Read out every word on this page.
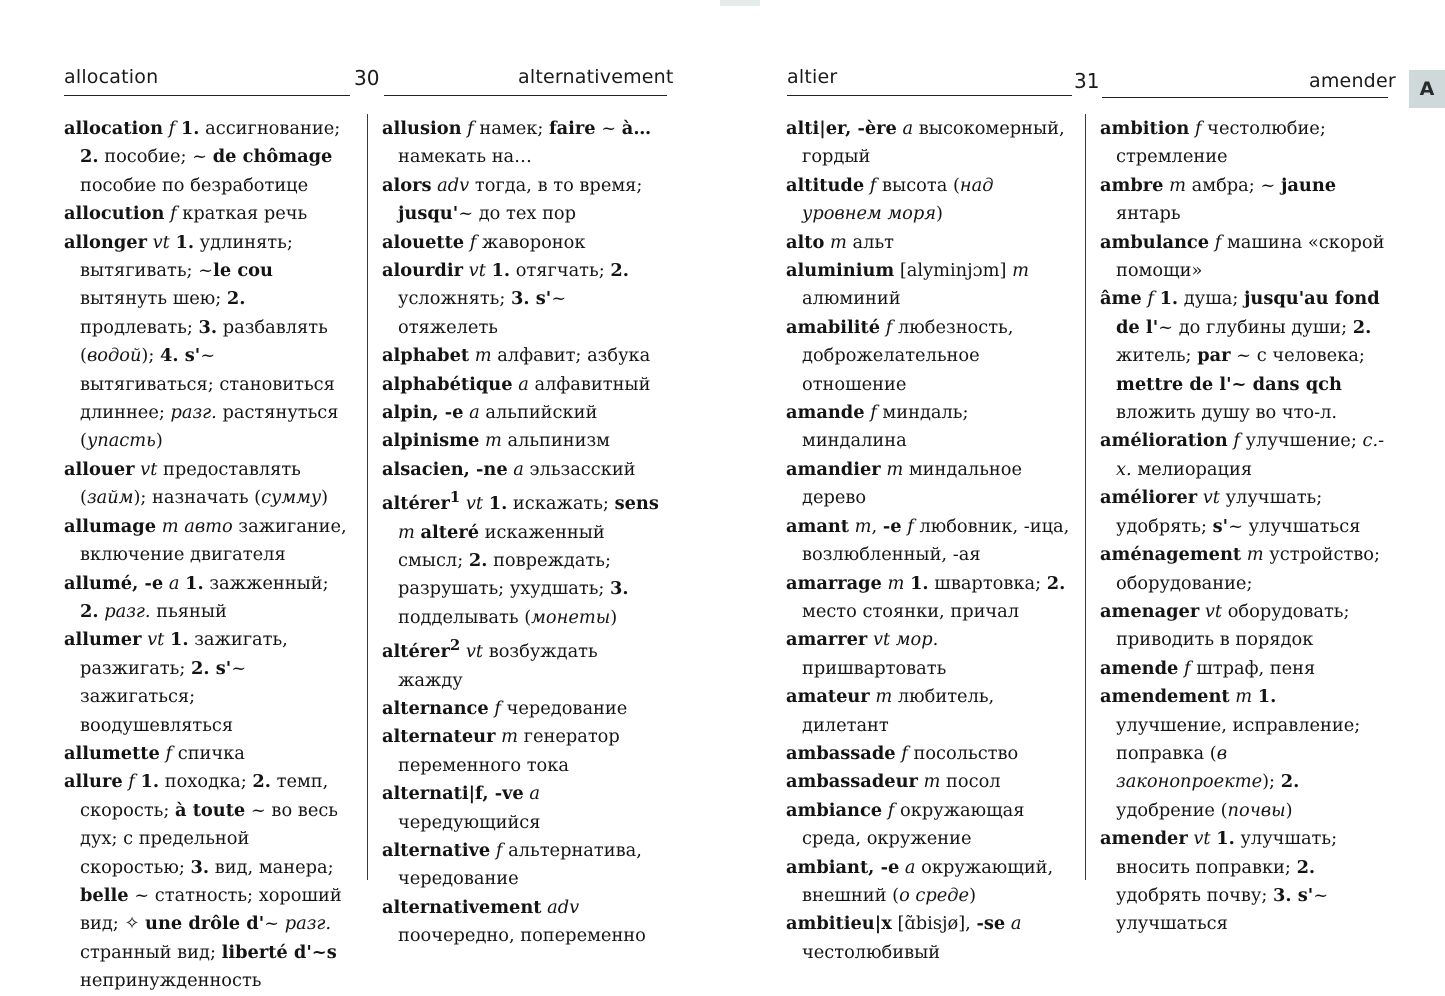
allocation	30	alternativement	altier	31	amender	A
allocation f 1. ассигнование; 2. пособие; ~ de chômage пособие по безработице
allocution f краткая речь
allonger vt 1. удлинять; вытягивать; ~le cou вытянуть шею; 2. продлевать; 3. разбавлять (водой); 4. s'~ вытягиваться; становиться длиннее; разг. растянуться (упасть)
allouer vt предоставлять (займ); назначать (сумму)
allumage m авто зажигание, включение двигателя
allumé, -e a 1. зажженный; 2. разг. пьяный
allumer vt 1. зажигать, разжигать; 2. s'~ зажигаться; воодушевляться
allumette f спичка
allure f 1. походка; 2. темп, скорость; à toute ~ во весь дух; с предельной скоростью; 3. вид, манера; belle ~ статность; хороший вид; ✧ une drôle d'~ разг. странный вид; liberté d'~s непринужденность
allusion f намек; faire ~ à… намекать на…
alors adv тогда, в то время; jusqu'~ до тех пор
alouette f жаворонок
alourdir vt 1. отягчать; 2. усложнять; 3. s'~ отяжелеть
alphabet m алфавит; азбука
alphabétique a алфавитный
alpin, -e a альпийский
alpinisme m альпинизм
alsacien, -ne a эльзасский
altérer$^1$ vt 1. искажать; sens m alteré искаженный смысл; 2. повреждать; разрушать; ухудшать; 3. подделывать (монеты)
altérer$^2$ vt возбуждать жажду
alternance f чередование
alternateur m генератор переменного тока
alternati|f, -ve a чередующийся
alternative f альтернатива, чередование
alternativement adv поочередно, попеременно
alti|er, -ère a высокомерный, гордый
altitude f высота (над уровнем моря)
alto m альт
aluminium [alyminjɔm] m алюминий
amabilité f любезность, доброжелательное отношение
amande f миндаль; миндалина
amandier m миндальное дерево
amant m, -e f любовник, -ица, возлюбленный, -ая
amarrage m 1. швартовка; 2. место стоянки, причал
amarrer vt мор. пришвартовать
amateur m любитель, дилетант
ambassade f посольство
ambassadeur m посол
ambiance f окружающая среда, окружение
ambiant, -e a окружающий, внешний (о среде)
ambitieu|x [ɑ̃bisjø], -se a честолюбивый
ambition f честолюбие; стремление
ambre m амбра; ~ jaune янтарь
ambulance f машина «скорой помощи»
âme f 1. душа; jusqu'au fond de l'~ до глубины души; 2. житель; par ~ с человека; mettre de l'~ dans qch вложить душу во что-л.
amélioration f улучшение; с.-х. мелиорация
améliorer vt улучшать; удобрять; s'~ улучшаться
aménagement m устройство; оборудование;
amenager vt оборудовать; приводить в порядок
amende f штраф, пеня
amendement m 1. улучшение, исправление; поправка (в законопроекте); 2. удобрение (почвы)
amender vt 1. улучшать; вносить поправки; 2. удобрять почву; 3. s'~ улучшаться
